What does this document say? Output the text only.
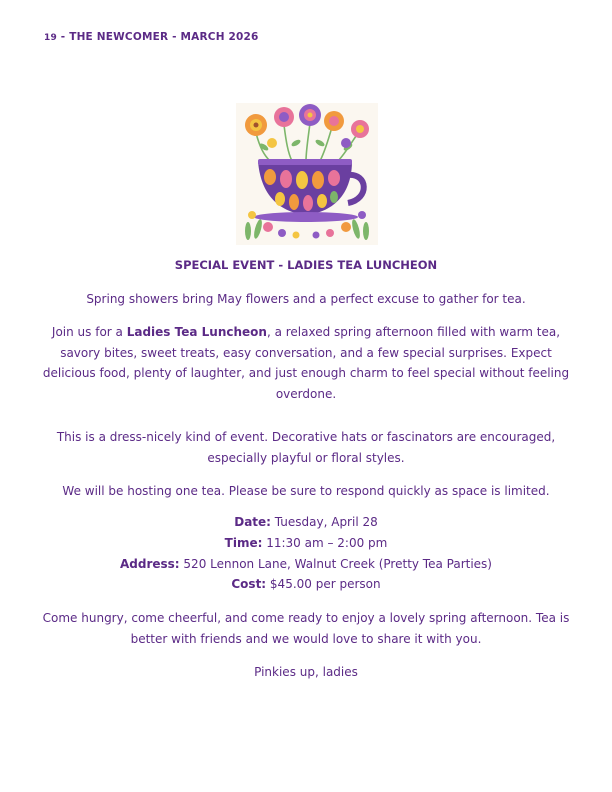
19 - THE NEWCOMER - MARCH 2026
SPECIAL EVENT - LADIES TEA LUNCHEON
Spring showers bring May flowers and a perfect excuse to gather for tea.
Join us for a Ladies Tea Luncheon, a relaxed spring afternoon filled with warm tea, savory bites, sweet treats, easy conversation, and a few special surprises. Expect delicious food, plenty of laughter, and just enough charm to feel special without feeling overdone.
This is a dress-nicely kind of event. Decorative hats or fascinators are encouraged, especially playful or floral styles.
We will be hosting one tea. Please be sure to respond quickly as space is limited.
Date: Tuesday, April 28
Time: 11:30 am – 2:00 pm
Address: 520 Lennon Lane, Walnut Creek (Pretty Tea Parties)
Cost: $45.00 per person
Come hungry, come cheerful, and come ready to enjoy a lovely spring afternoon. Tea is better with friends and we would love to share it with you.
Pinkies up, ladies
